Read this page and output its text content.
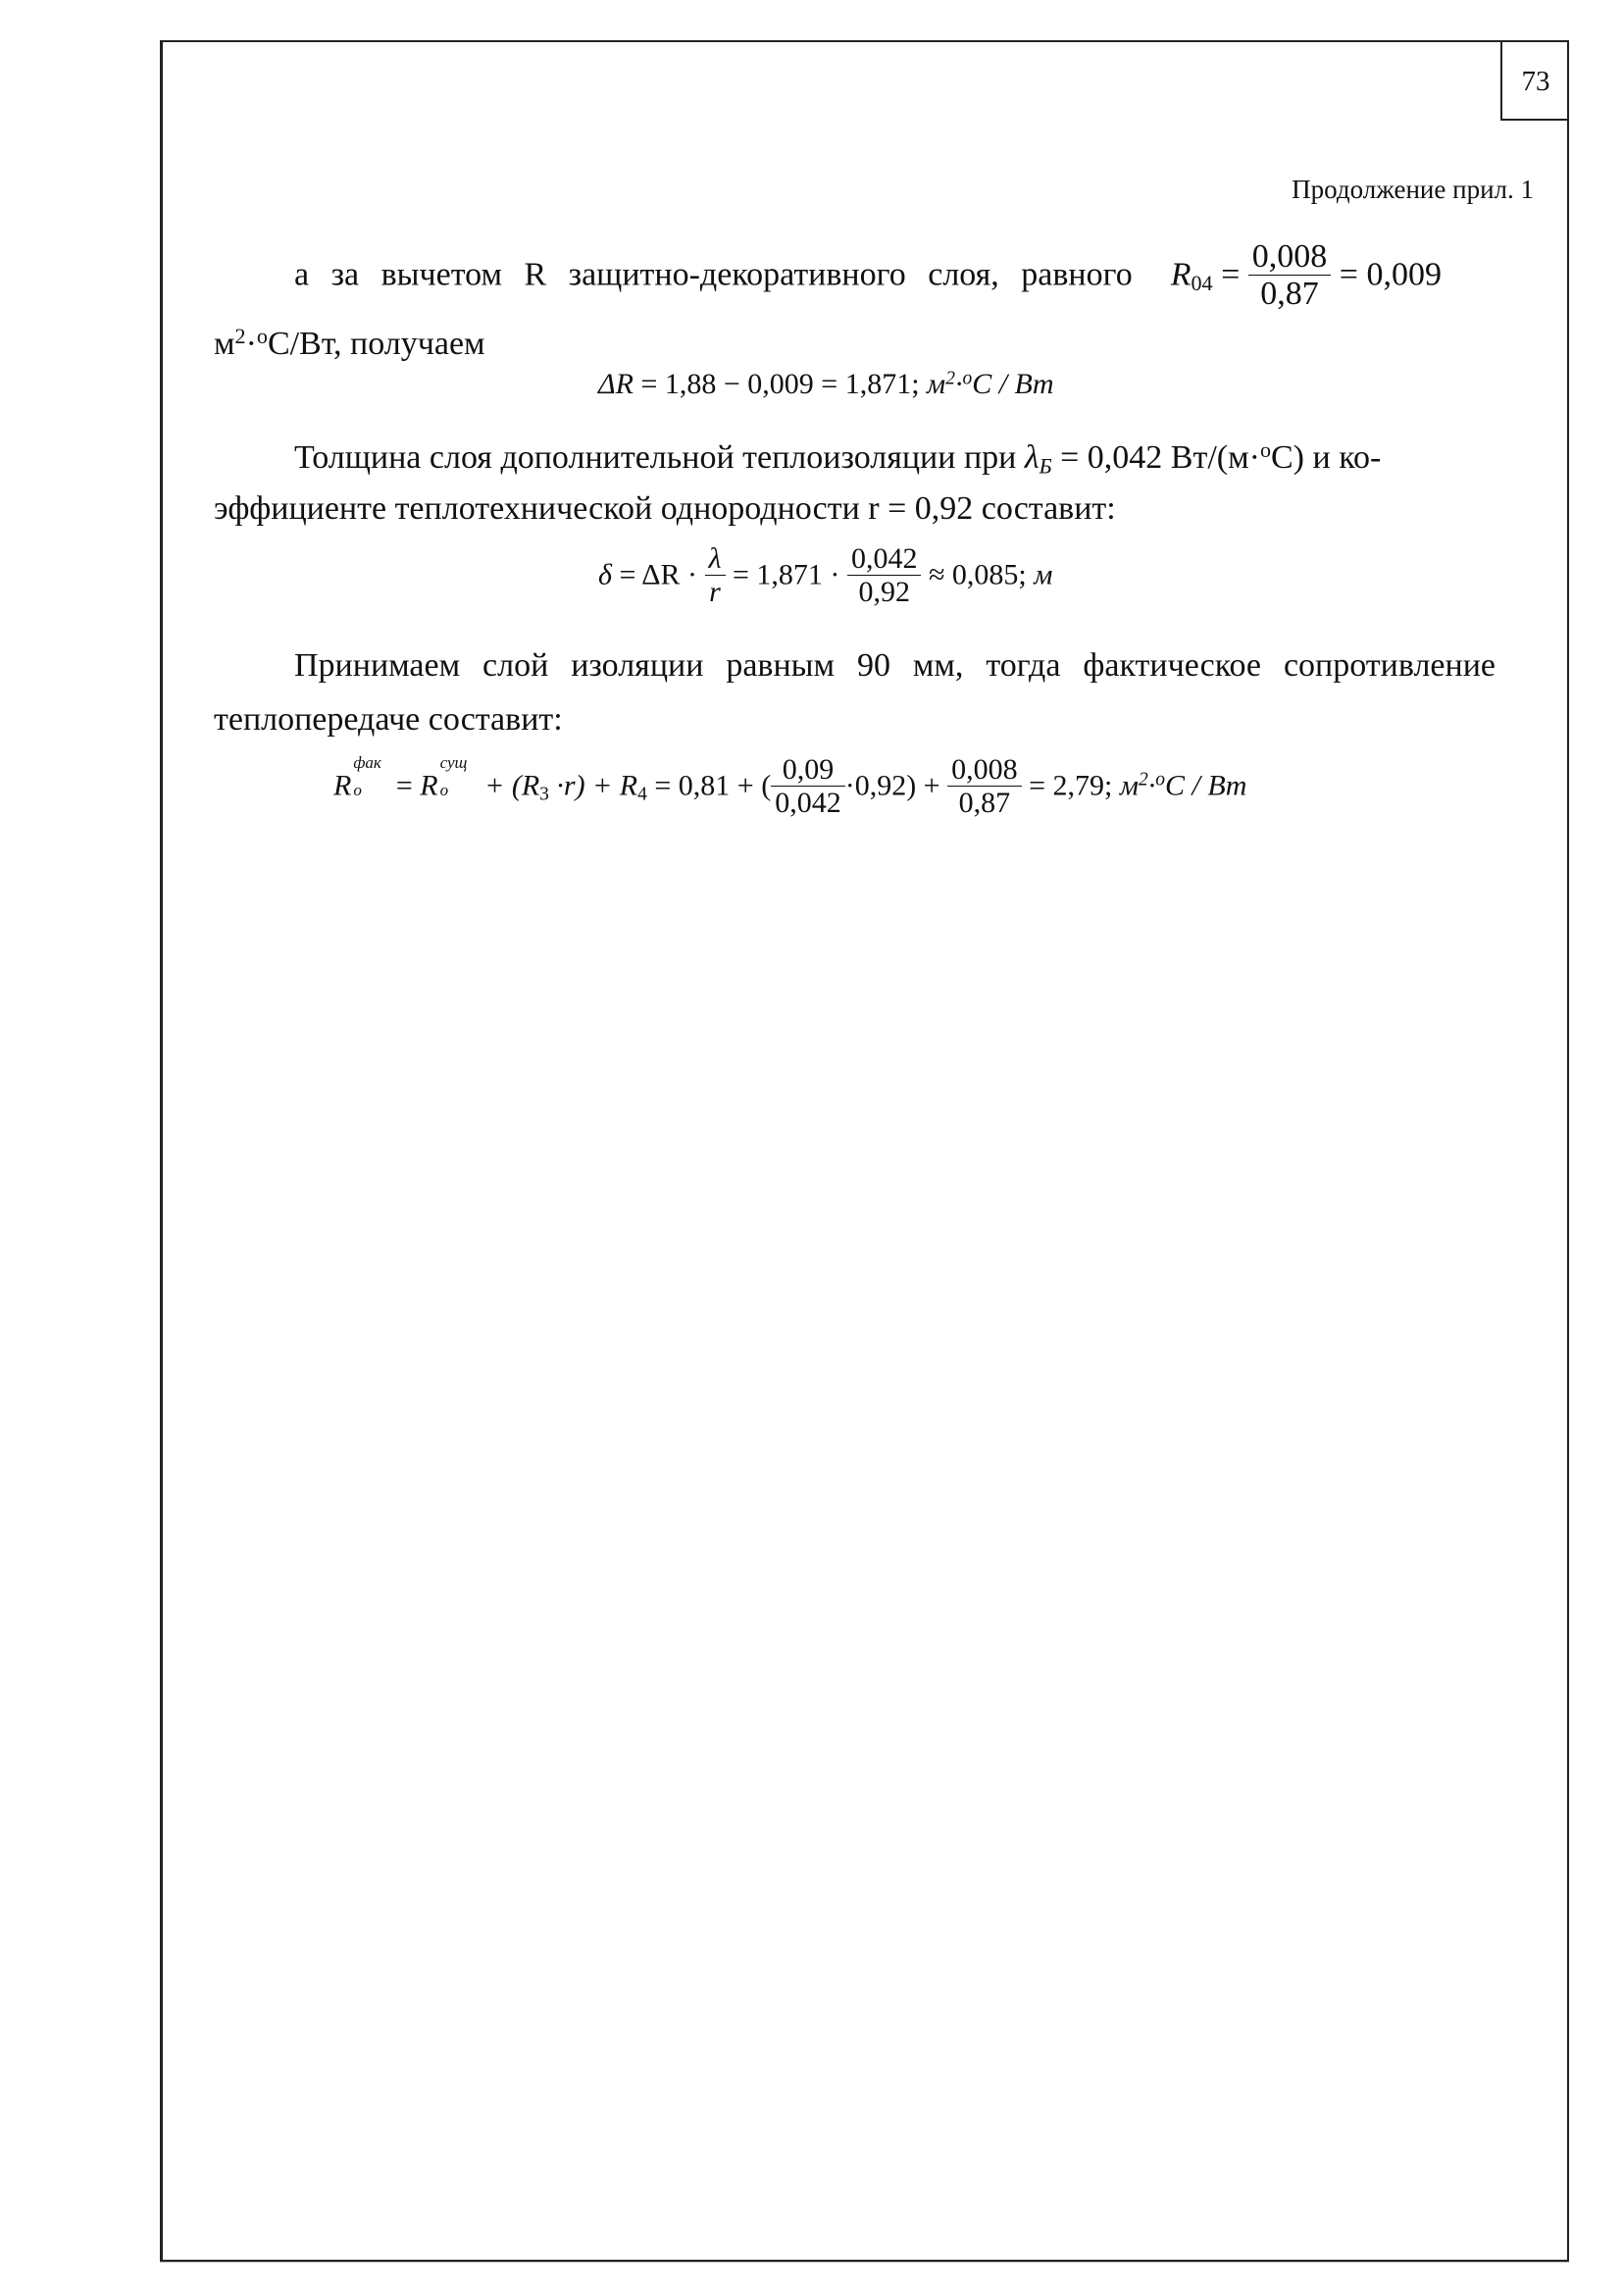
73
Продолжение прил. 1
а за вычетом R защитно-декоративного слоя, равного $R_{04} = \frac{0,008}{0,87} = 0,009$
$м^2\cdot^oС/Вт$, получаем
ΔR = 1,88 − 0,009 = 1,871; $м^2\cdot^oC / Bm$
Толщина слоя дополнительной теплоизоляции при $\lambda_Б = 0,042$ Вт/(м·$^o$С) и ко-
эффициенте теплотехнической однородности r = 0,92 составит:
$\delta = \Delta R \cdot \frac{\lambda}{r} = 1,871 \cdot \frac{0,042}{0,92} \approx 0,085$; м
Принимаем слой изоляции равным 90 мм, тогда фактическое сопротивление
теплопередаче составит:
R
фак
о = R
сущ
$о + (R_3 \cdot r) + R_4 = 0,81$ + ( $\frac{0,09}{0,042} \cdot 0,92) + \frac{0,008}{0,87} = 2,79$; $м^2\cdot^oC / Bm$
